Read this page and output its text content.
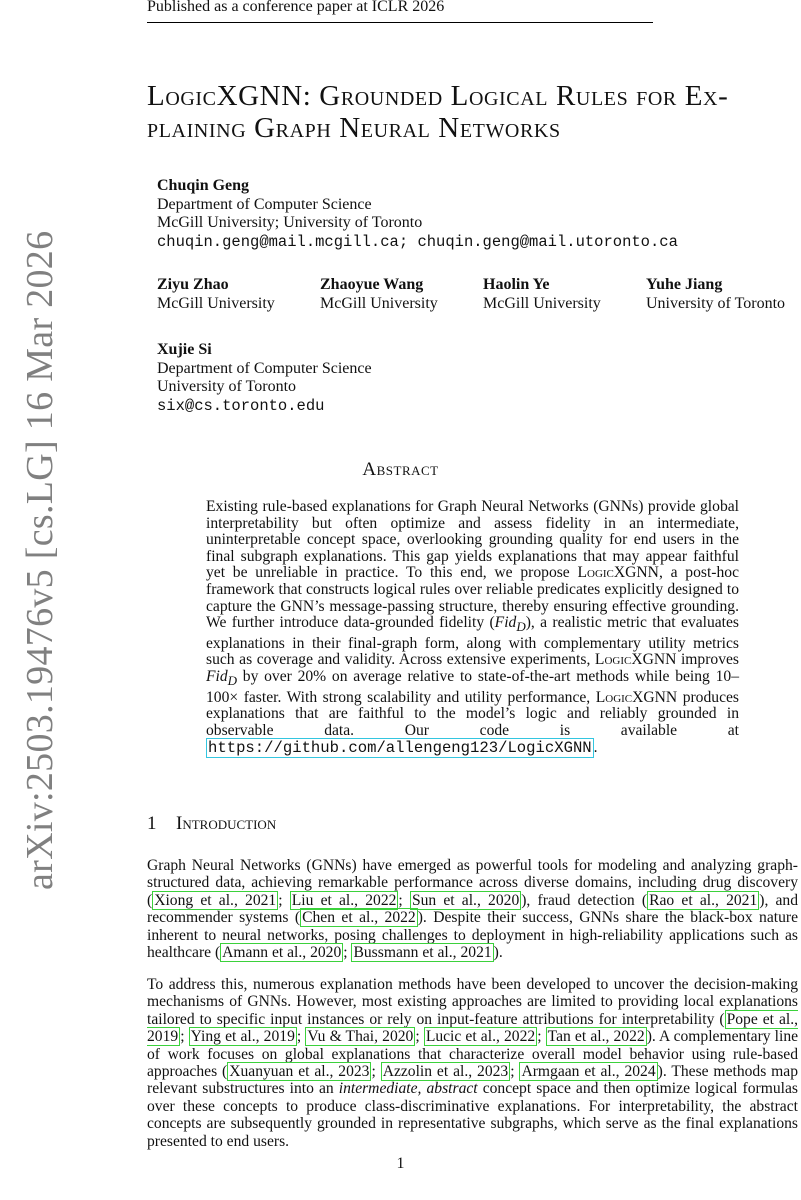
Published as a conference paper at ICLR 2026
arXiv:2503.19476v5 [cs.LG] 16 Mar 2026
LogicXGNN: Grounded Logical Rules for Ex-
plaining Graph Neural Networks
Chuqin Geng
Department of Computer Science
McGill University; University of Toronto
chuqin.geng@mail.mcgill.ca; chuqin.geng@mail.utoronto.ca
Ziyu Zhao
McGill University
Zhaoyue Wang
McGill University
Haolin Ye
McGill University
Yuhe Jiang
University of Toronto
Xujie Si
Department of Computer Science
University of Toronto
six@cs.toronto.edu
Abstract
Existing rule-based explanations for Graph Neural Networks (GNNs) provide global interpretability but often optimize and assess fidelity in an intermediate, uninterpretable concept space, overlooking grounding quality for end users in the final subgraph explanations. This gap yields explanations that may appear faithful yet be unreliable in practice. To this end, we propose LogicXGNN, a post-hoc framework that constructs logical rules over reliable predicates explicitly designed to capture the GNN’s message-passing structure, thereby ensuring effective grounding. We further introduce data-grounded fidelity (Fid$_D$), a realistic metric that evaluates explanations in their final-graph form, along with complementary utility metrics such as coverage and validity. Across extensive experiments, LogicXGNN improves Fid$_D$ by over 20% on average relative to state-of-the-art methods while being 10–100× faster. With strong scalability and utility performance, LogicXGNN produces explanations that are faithful to the model’s logic and reliably grounded in observable data. Our code is available at https://github.com/allengeng123/LogicXGNN .
1 Introduction
Graph Neural Networks (GNNs) have emerged as powerful tools for modeling and analyzing graph-structured data, achieving remarkable performance across diverse domains, including drug discovery ( Xiong et al., 2021 ; Liu et al., 2022 ; Sun et al., 2020 ), fraud detection ( Rao et al., 2021 ), and recommender systems ( Chen et al., 2022 ). Despite their success, GNNs share the black-box nature inherent to neural networks, posing challenges to deployment in high-reliability applications such as healthcare ( Amann et al., 2020 ; Bussmann et al., 2021 ).
To address this, numerous explanation methods have been developed to uncover the decision-making mechanisms of GNNs. However, most existing approaches are limited to providing local explanations tailored to specific input instances or rely on input-feature attributions for interpretability ( Pope et al., 2019 ; Ying et al., 2019 ; Vu & Thai, 2020 ; Lucic et al., 2022 ; Tan et al., 2022 ). A complementary line of work focuses on global explanations that characterize overall model behavior using rule-based approaches ( Xuanyuan et al., 2023 ; Azzolin et al., 2023 ; Armgaan et al., 2024 ). These methods map relevant substructures into an intermediate, abstract concept space and then optimize logical formulas over these concepts to produce class-discriminative explanations. For interpretability, the abstract concepts are subsequently grounded in representative subgraphs, which serve as the final explanations presented to end users.
1
